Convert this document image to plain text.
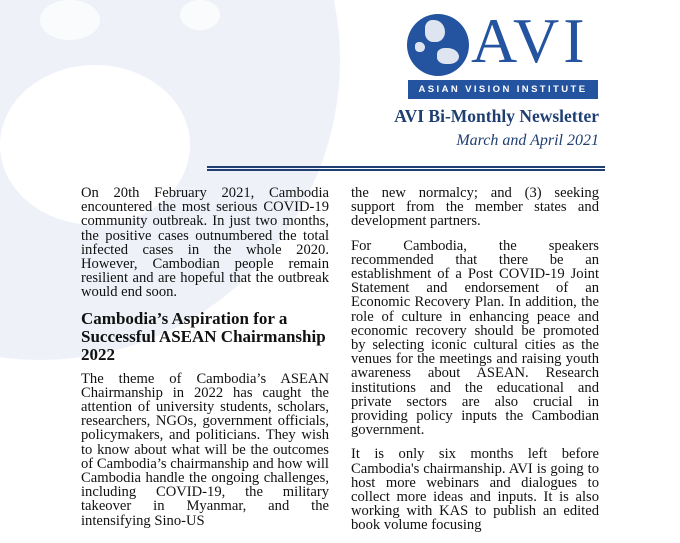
AVI
ASIAN VISION INSTITUTE
AVI Bi-Monthly Newsletter
March and April 2021

On 20th February 2021, Cambodia encountered the most serious COVID-19 community outbreak. In just two months, the positive cases outnumbered the total infected cases in the whole 2020. However, Cambodian people remain resilient and are hopeful that the outbreak would end soon.

Cambodia’s Aspiration for a Successful ASEAN Chairmanship 2022

The theme of Cambodia’s ASEAN Chairmanship in 2022 has caught the attention of university students, scholars, researchers, NGOs, government officials, policymakers, and politicians. They wish to know about what will be the outcomes of Cambodia’s chairmanship and how will Cambodia handle the ongoing challenges, including COVID-19, the military takeover in Myanmar, and the intensifying Sino-US

the new normalcy; and (3) seeking support from the member states and development partners.

For Cambodia, the speakers recommended that there be an establishment of a Post COVID-19 Joint Statement and endorsement of an Economic Recovery Plan. In addition, the role of culture in enhancing peace and economic recovery should be promoted by selecting iconic cultural cities as the venues for the meetings and raising youth awareness about ASEAN. Research institutions and the educational and private sectors are also crucial in providing policy inputs the Cambodian government.

It is only six months left before Cambodia's chairmanship. AVI is going to host more webinars and dialogues to collect more ideas and inputs. It is also working with KAS to publish an edited book volume focusing
